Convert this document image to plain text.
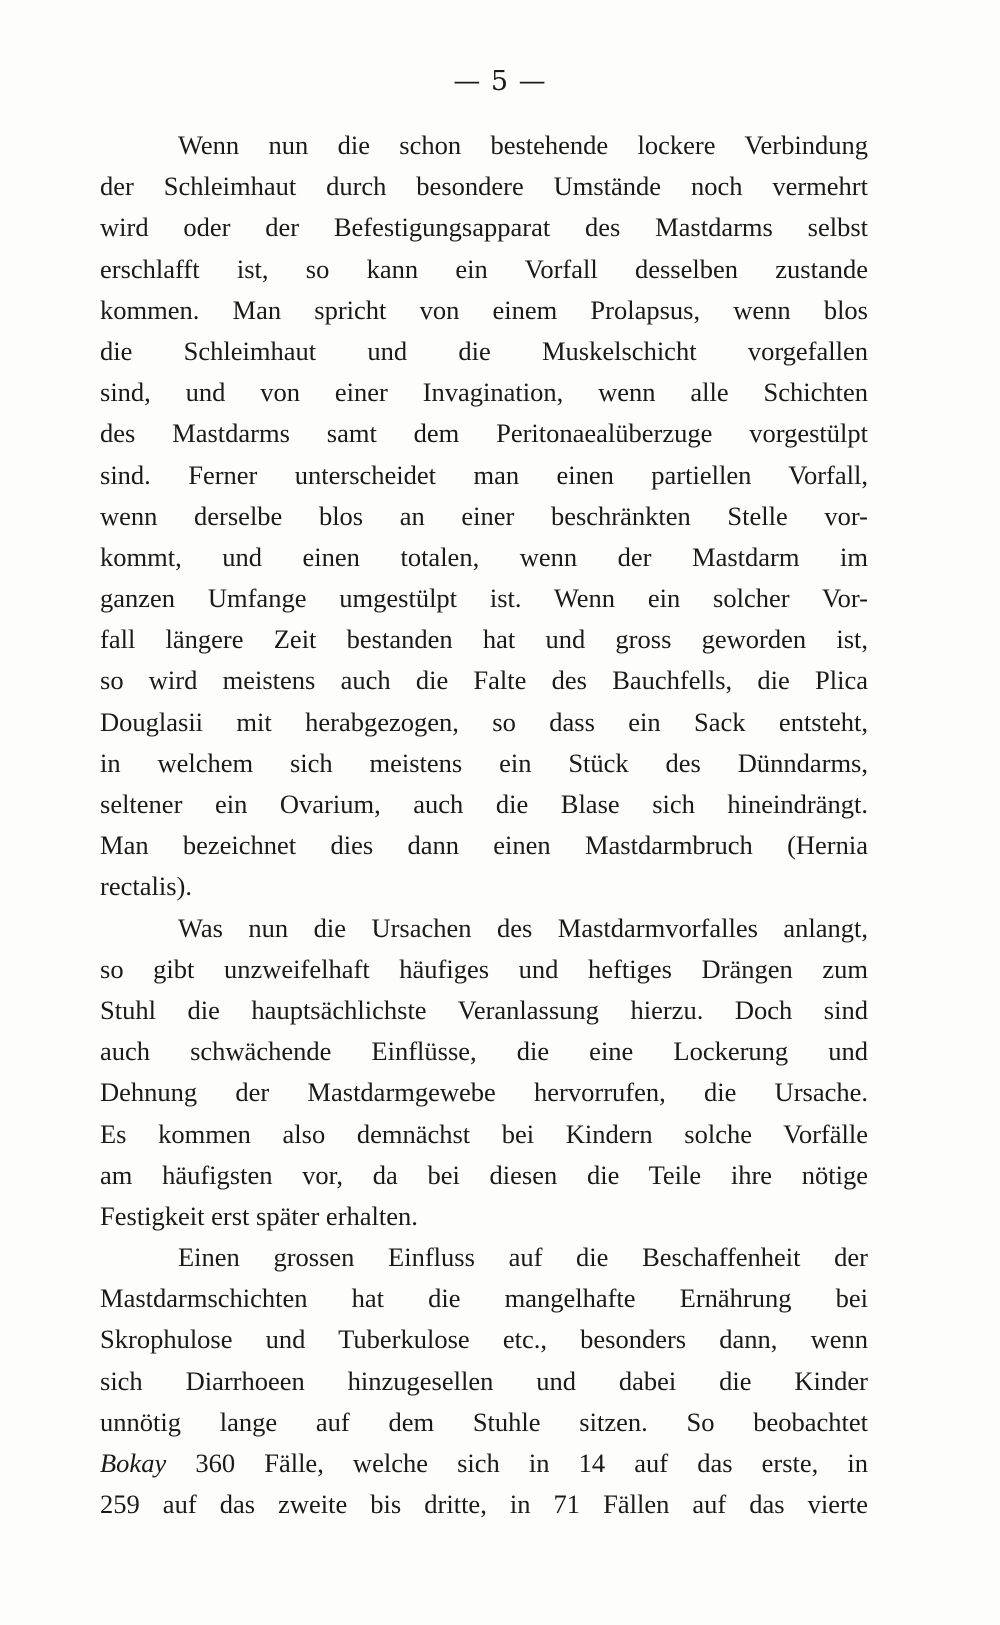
— 5 —
Wenn nun die schon bestehende lockere Verbindung
der Schleimhaut durch besondere Umstände noch vermehrt
wird oder der Befestigungsapparat des Mastdarms selbst
erschlafft ist, so kann ein Vorfall desselben zustande
kommen. Man spricht von einem Prolapsus, wenn blos
die Schleimhaut und die Muskelschicht vorgefallen
sind, und von einer Invagination, wenn alle Schichten
des Mastdarms samt dem Peritonaealüberzuge vorgestülpt
sind. Ferner unterscheidet man einen partiellen Vorfall,
wenn derselbe blos an einer beschränkten Stelle vor-
kommt, und einen totalen, wenn der Mastdarm im
ganzen Umfange umgestülpt ist. Wenn ein solcher Vor-
fall längere Zeit bestanden hat und gross geworden ist,
so wird meistens auch die Falte des Bauchfells, die Plica
Douglasii mit herabgezogen, so dass ein Sack entsteht,
in welchem sich meistens ein Stück des Dünndarms,
seltener ein Ovarium, auch die Blase sich hineindrängt.
Man bezeichnet dies dann einen Mastdarmbruch (Hernia
rectalis).
Was nun die Ursachen des Mastdarmvorfalles anlangt,
so gibt unzweifelhaft häufiges und heftiges Drängen zum
Stuhl die hauptsächlichste Veranlassung hierzu. Doch sind
auch schwächende Einflüsse, die eine Lockerung und
Dehnung der Mastdarmgewebe hervorrufen, die Ursache.
Es kommen also demnächst bei Kindern solche Vorfälle
am häufigsten vor, da bei diesen die Teile ihre nötige
Festigkeit erst später erhalten.
Einen grossen Einfluss auf die Beschaffenheit der
Mastdarmschichten hat die mangelhafte Ernährung bei
Skrophulose und Tuberkulose etc., besonders dann, wenn
sich Diarrhoeen hinzugesellen und dabei die Kinder
unnötig lange auf dem Stuhle sitzen. So beobachtet
Bokay 360 Fälle, welche sich in 14 auf das erste, in
259 auf das zweite bis dritte, in 71 Fällen auf das vierte
